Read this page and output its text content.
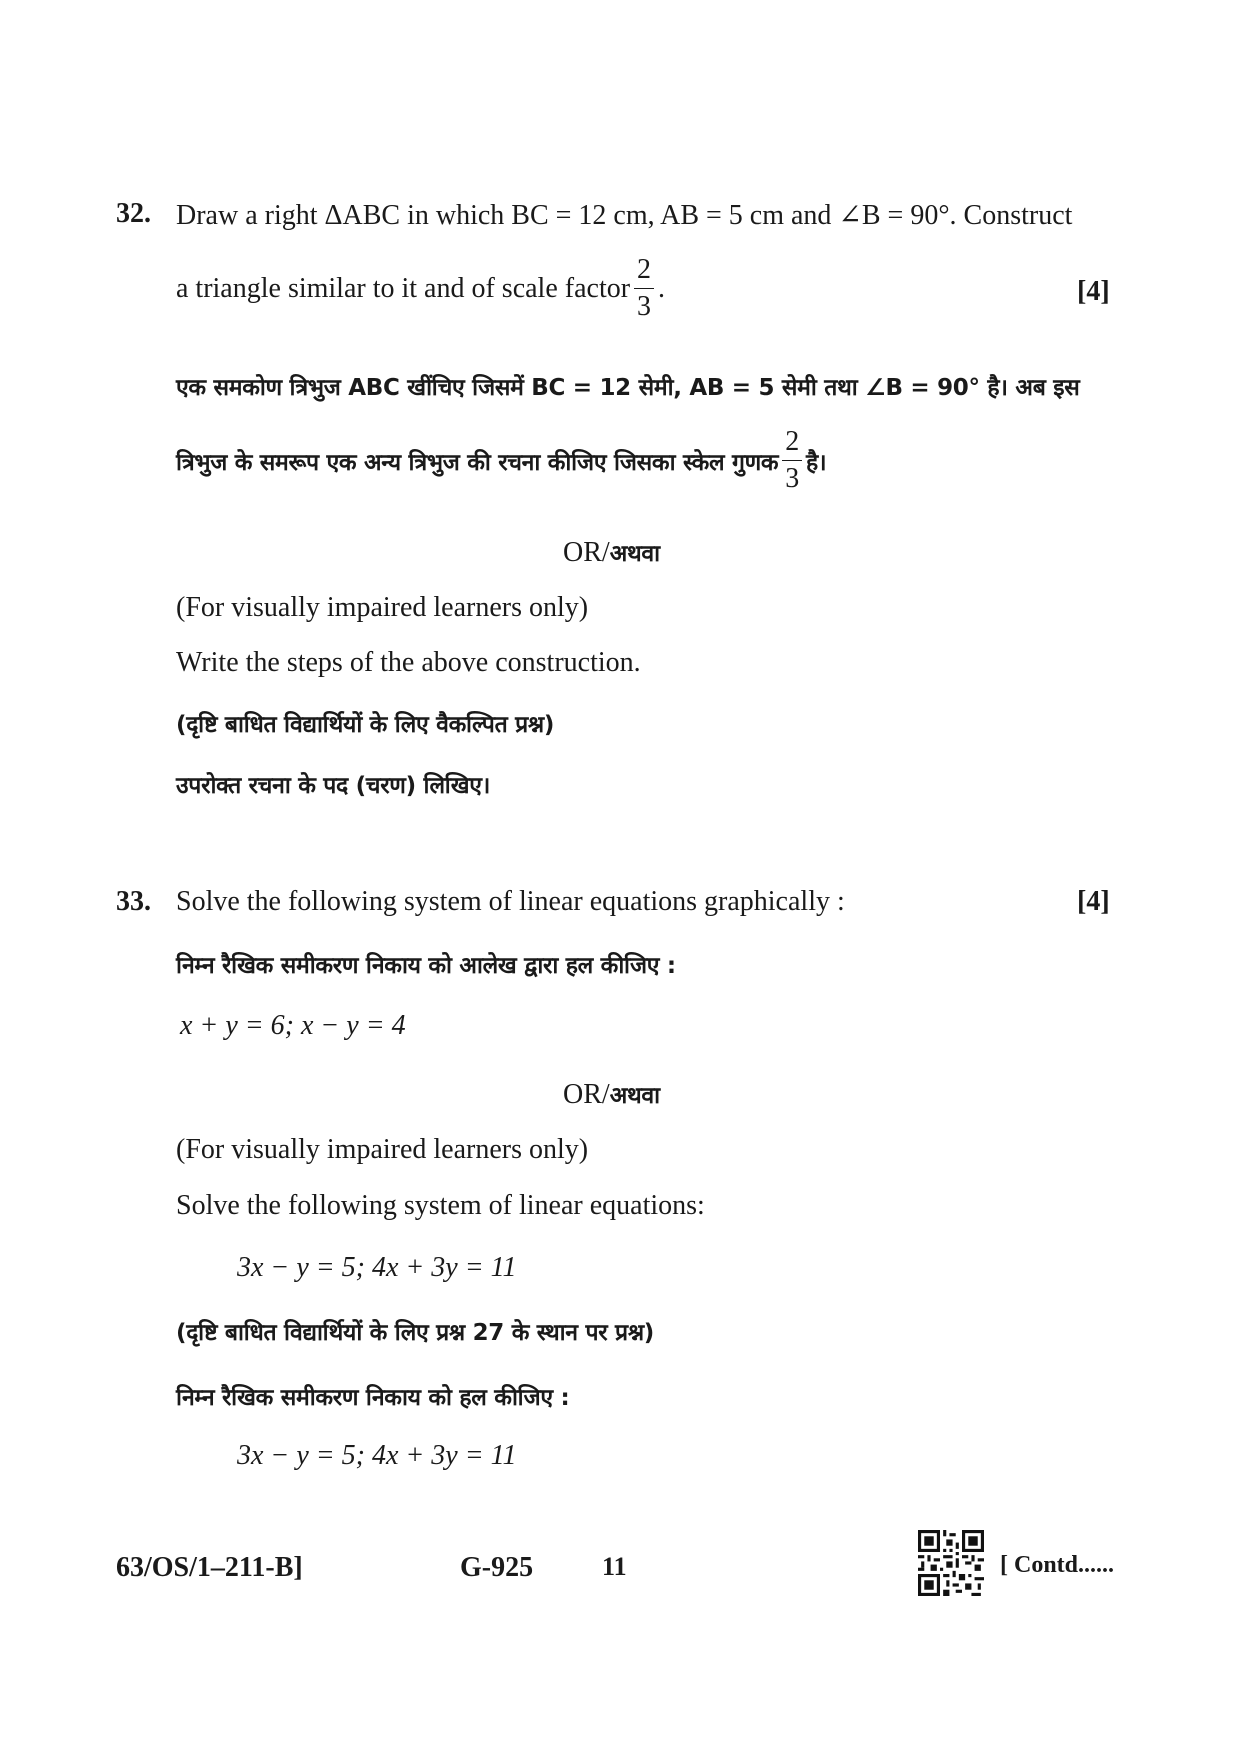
32. Draw a right ΔABC in which BC = 12 cm, AB = 5 cm and ∠B = 90°. Construct
a triangle similar to it and of scale factor $\frac{2}{3}$ .	[4]
एक समकोण त्रिभुज ABC खींचिए जिसमें BC = 12 सेमी, AB = 5 सेमी तथा ∠B = 90° है। अब इस
त्रिभुज के समरूप एक अन्य त्रिभुज की रचना कीजिए जिसका स्केल गुणक $\frac{2}{3}$ है।
OR/अथवा
(For visually impaired learners only)
Write the steps of the above construction.
(दृष्टि बाधित विद्यार्थियों के लिए वैकल्पित प्रश्न)
उपरोक्त रचना के पद (चरण) लिखिए।
33. Solve the following system of linear equations graphically :	[4]
निम्न रैखिक समीकरण निकाय को आलेख द्वारा हल कीजिए :
x + y = 6; x − y = 4
OR/अथवा
(For visually impaired learners only)
Solve the following system of linear equations:
3x − y = 5; 4x + 3y = 11
(दृष्टि बाधित विद्यार्थियों के लिए प्रश्न 27 के स्थान पर प्रश्न)
निम्न रैखिक समीकरण निकाय को हल कीजिए :
3x − y = 5; 4x + 3y = 11
63/OS/1–211-B]	G-925	11	[ Contd......
